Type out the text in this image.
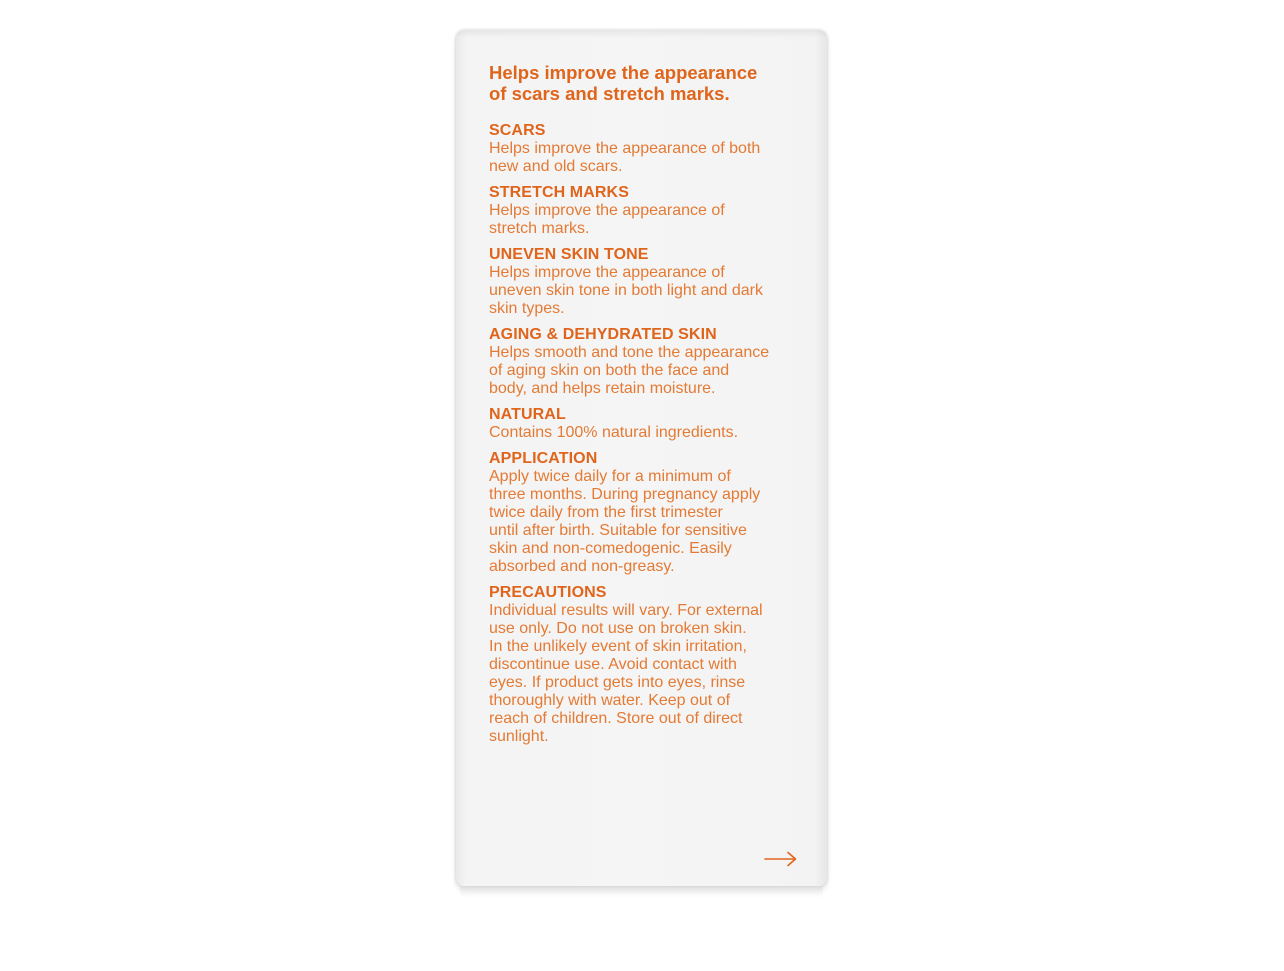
Helps improve the appearance
of scars and stretch marks.
SCARS

Helps improve the appearance of both
new and old scars.

STRETCH MARKS

Helps improve the appearance of
stretch marks.

UNEVEN SKIN TONE

Helps improve the appearance of
uneven skin tone in both light and dark
skin types.

AGING & DEHYDRATED SKIN

Helps smooth and tone the appearance
of aging skin on both the face and
body, and helps retain moisture.

NATURAL

Contains 100% natural ingredients.

APPLICATION

Apply twice daily for a minimum of
three months. During pregnancy apply
twice daily from the first trimester
until after birth. Suitable for sensitive
skin and non-comedogenic. Easily
absorbed and non-greasy.

PRECAUTIONS

Individual results will vary. For external
use only. Do not use on broken skin.
In the unlikely event of skin irritation,
discontinue use. Avoid contact with
eyes. If product gets into eyes, rinse
thoroughly with water. Keep out of
reach of children. Store out of direct
sunlight.
